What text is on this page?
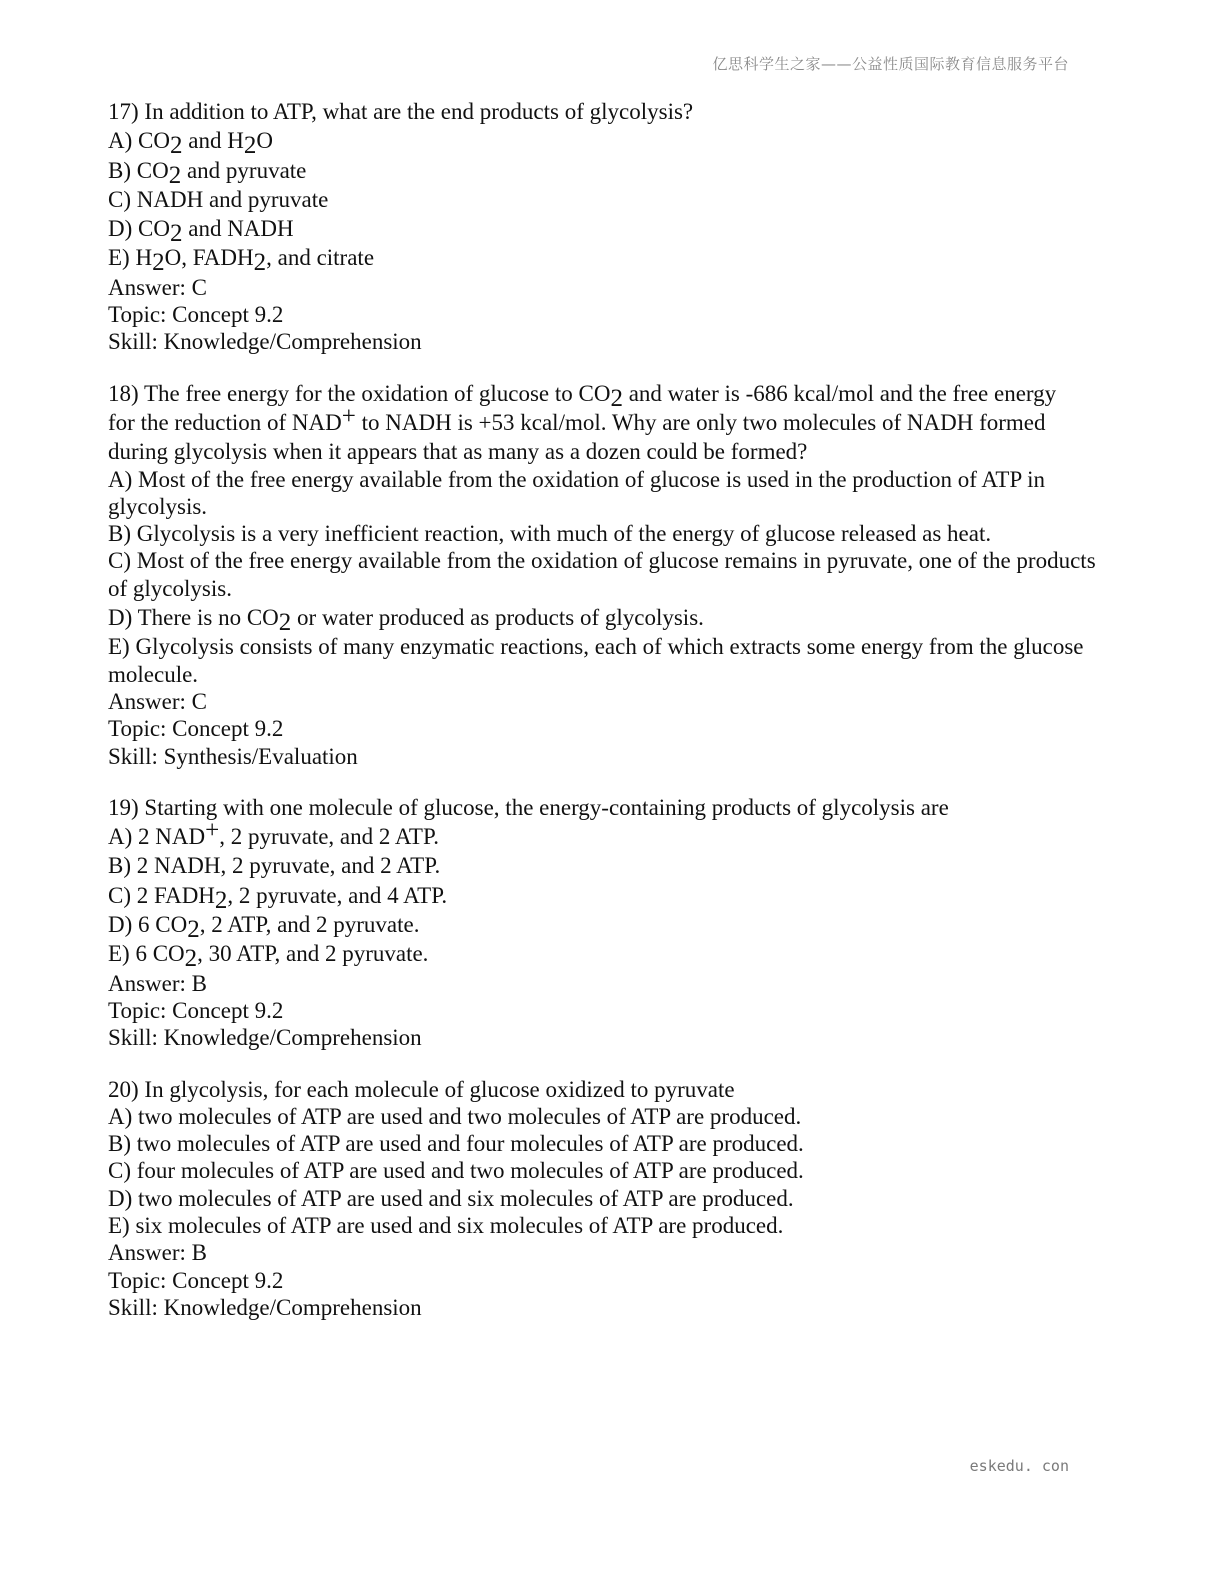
亿思科学生之家——公益性质国际教育信息服务平台
17) In addition to ATP, what are the end products of glycolysis?
A) CO2 and H2O
B) CO2 and pyruvate
C) NADH and pyruvate
D) CO2 and NADH
E) H2O, FADH2, and citrate
Answer: C
Topic: Concept 9.2
Skill: Knowledge/Comprehension
18) The free energy for the oxidation of glucose to CO2 and water is -686 kcal/mol and the free energy
for the reduction of NAD+ to NADH is +53 kcal/mol. Why are only two molecules of NADH formed
during glycolysis when it appears that as many as a dozen could be formed?
A) Most of the free energy available from the oxidation of glucose is used in the production of ATP in glycolysis.
B) Glycolysis is a very inefficient reaction, with much of the energy of glucose released as heat.
C) Most of the free energy available from the oxidation of glucose remains in pyruvate, one of the products of glycolysis.
D) There is no CO2 or water produced as products of glycolysis.
E) Glycolysis consists of many enzymatic reactions, each of which extracts some energy from the glucose molecule.
Answer: C
Topic: Concept 9.2
Skill: Synthesis/Evaluation
19) Starting with one molecule of glucose, the energy-containing products of glycolysis are
A) 2 NAD+, 2 pyruvate, and 2 ATP.
B) 2 NADH, 2 pyruvate, and 2 ATP.
C) 2 FADH2, 2 pyruvate, and 4 ATP.
D) 6 CO2, 2 ATP, and 2 pyruvate.
E) 6 CO2, 30 ATP, and 2 pyruvate.
Answer: B
Topic: Concept 9.2
Skill: Knowledge/Comprehension
20) In glycolysis, for each molecule of glucose oxidized to pyruvate
A) two molecules of ATP are used and two molecules of ATP are produced.
B) two molecules of ATP are used and four molecules of ATP are produced.
C) four molecules of ATP are used and two molecules of ATP are produced.
D) two molecules of ATP are used and six molecules of ATP are produced.
E) six molecules of ATP are used and six molecules of ATP are produced.
Answer: B
Topic: Concept 9.2
Skill: Knowledge/Comprehension
eskedu. con
